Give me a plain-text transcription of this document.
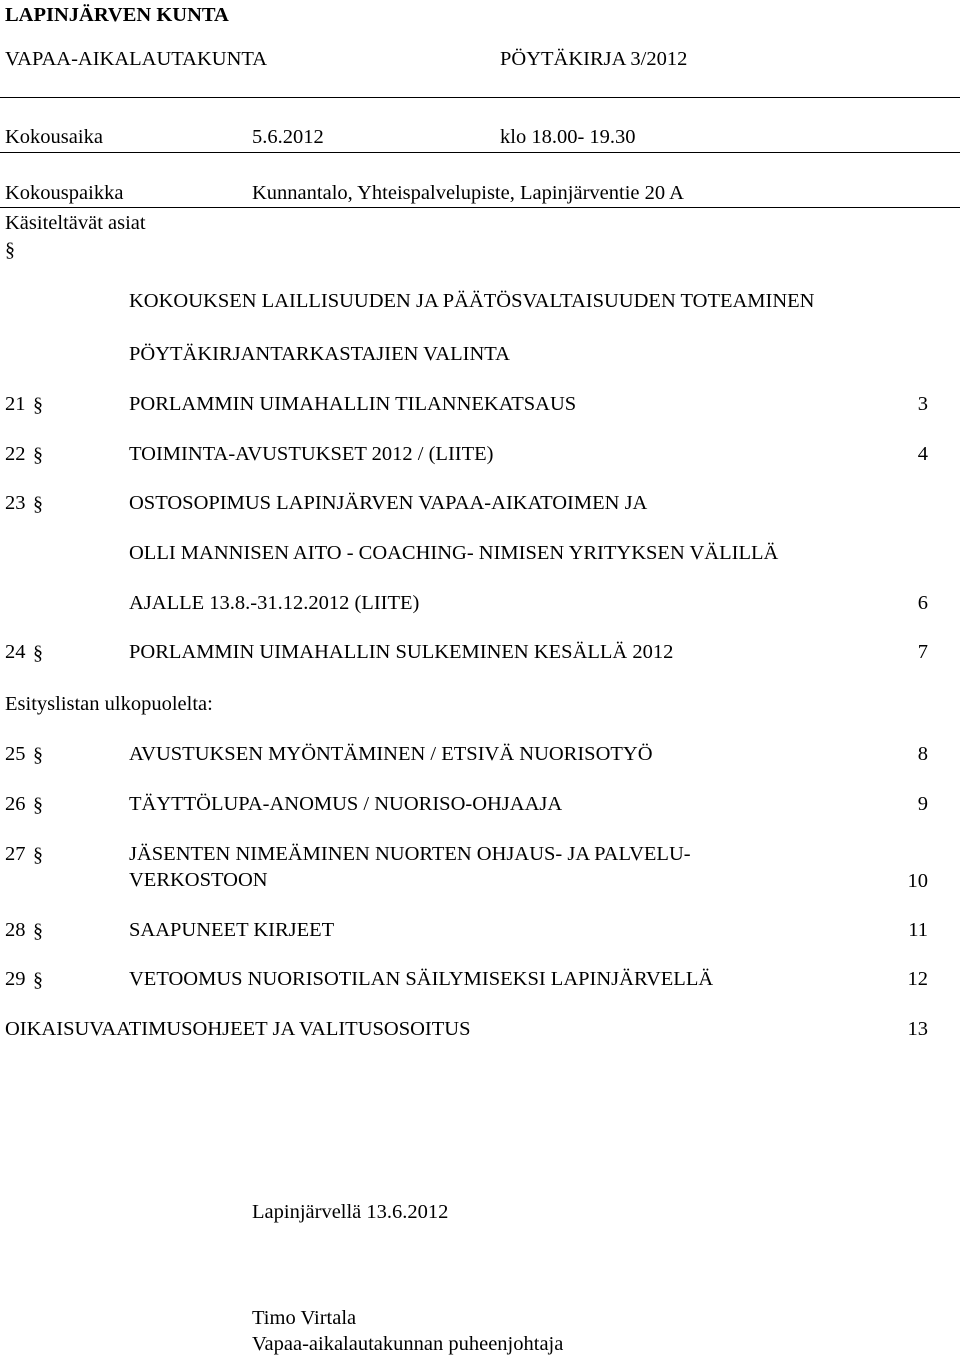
LAPINJÄRVEN KUNTA
VAPAA-AIKALAUTAKUNTA	PÖYTÄKIRJA 3/2012
Kokousaika	5.6.2012	klo 18.00- 19.30
Kokouspaikka	Kunnantalo, Yhteispalvelupiste, Lapinjärventie 20 A
Käsiteltävät asiat
§
KOKOUKSEN LAILLISUUDEN JA PÄÄTÖSVALTAISUUDEN TOTEAMINEN
PÖYTÄKIRJANTARKASTAJIEN VALINTA
21 §	PORLAMMIN UIMAHALLIN TILANNEKATSAUS	3
22 §	TOIMINTA-AVUSTUKSET 2012 / (LIITE)	4
23 §	OSTOSOPIMUS LAPINJÄRVEN VAPAA-AIKATOIMEN JA
OLLI MANNISEN AITO - COACHING- NIMISEN YRITYKSEN VÄLILLÄ
AJALLE 13.8.-31.12.2012 (LIITE)	6
24 §	PORLAMMIN UIMAHALLIN SULKEMINEN KESÄLLÄ 2012	7
Esityslistan ulkopuolelta:
25 §	AVUSTUKSEN MYÖNTÄMINEN / ETSIVÄ NUORISOTYÖ	8
26 §	TÄYTTÖLUPA-ANOMUS / NUORISO-OHJAAJA	9
27 §	JÄSENTEN NIMEÄMINEN NUORTEN OHJAUS- JA PALVELU-
VERKOSTOON	10
28 §	SAAPUNEET KIRJEET	11
29 §	VETOOMUS NUORISOTILAN SÄILYMISEKSI LAPINJÄRVELLÄ	12
OIKAISUVAATIMUSOHJEET JA VALITUSOSOITUS	13
Lapinjärvellä 13.6.2012
Timo Virtala
Vapaa-aikalautakunnan puheenjohtaja
